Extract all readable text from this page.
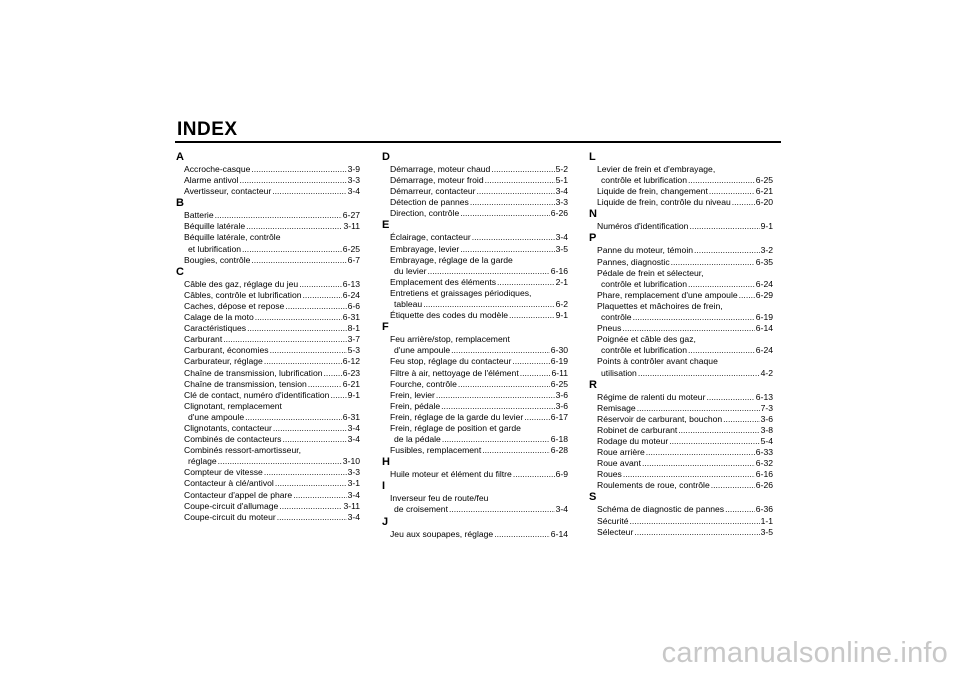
INDEX
A
Accroche-casque .....	3-9
Alarme antivol .....	3-3
Avertisseur, contacteur .....	3-4
B
Batterie .....	6-27
Béquille latérale .....	3-11
Béquille latérale, contrôle
et lubrification .....	6-25
Bougies, contrôle .....	6-7
C
Câble des gaz, réglage du jeu .....	6-13
Câbles, contrôle et lubrification .....	6-24
Caches, dépose et repose .....	6-6
Calage de la moto .....	6-31
Caractéristiques .....	8-1
Carburant .....	3-7
Carburant, économies .....	5-3
Carburateur, réglage .....	6-12
Chaîne de transmission, lubrification ..... 6-23
Chaîne de transmission, tension .....	6-21
Clé de contact, numéro d'identification ..... 9-1
Clignotant, remplacement
d'une ampoule .....	6-31
Clignotants, contacteur .....	3-4
Combinés de contacteurs .....	3-4
Combinés ressort-amortisseur,
réglage .....	3-10
Compteur de vitesse .....	3-3
Contacteur à clé/antivol .....	3-1
Contacteur d'appel de phare .....	3-4
Coupe-circuit d'allumage .....	3-11
Coupe-circuit du moteur .....	3-4
D
Démarrage, moteur chaud .....	5-2
Démarrage, moteur froid .....	5-1
Démarreur, contacteur .....	3-4
Détection de pannes .....	3-3
Direction, contrôle .....	6-26
E
Éclairage, contacteur .....	3-4
Embrayage, levier .....	3-5
Embrayage, réglage de la garde
du levier .....	6-16
Emplacement des éléments .....	2-1
Entretiens et graissages périodiques,
tableau .....	6-2
Étiquette des codes du modèle .....	9-1
F
Feu arrière/stop, remplacement
d'une ampoule .....	6-30
Feu stop, réglage du contacteur .....	6-19
Filtre à air, nettoyage de l'élément .....	6-11
Fourche, contrôle .....	6-25
Frein, levier .....	3-6
Frein, pédale .....	3-6
Frein, réglage de la garde du levier .....	6-17
Frein, réglage de position et garde
de la pédale .....	6-18
Fusibles, remplacement .....	6-28
H
Huile moteur et élément du filtre .....	6-9
I
Inverseur feu de route/feu
de croisement .....	3-4
J
Jeu aux soupapes, réglage .....	6-14
L
Levier de frein et d'embrayage,
contrôle et lubrification .....	6-25
Liquide de frein, changement .....	6-21
Liquide de frein, contrôle du niveau .....	6-20
N
Numéros d'identification .....	9-1
P
Panne du moteur, témoin .....	3-2
Pannes, diagnostic .....	6-35
Pédale de frein et sélecteur,
contrôle et lubrification .....	6-24
Phare, remplacement d'une ampoule ..... 6-29
Plaquettes et mâchoires de frein,
contrôle .....	6-19
Pneus .....	6-14
Poignée et câble des gaz,
contrôle et lubrification .....	6-24
Points à contrôler avant chaque
utilisation .....	4-2
R
Régime de ralenti du moteur .....	6-13
Remisage .....	7-3
Réservoir de carburant, bouchon .....	3-6
Robinet de carburant .....	3-8
Rodage du moteur .....	5-4
Roue arrière .....	6-33
Roue avant .....	6-32
Roues .....	6-16
Roulements de roue, contrôle .....	6-26
S
Schéma de diagnostic de pannes .....	6-36
Sécurité .....	1-1
Sélecteur .....	3-5
carmanualsonline.info
